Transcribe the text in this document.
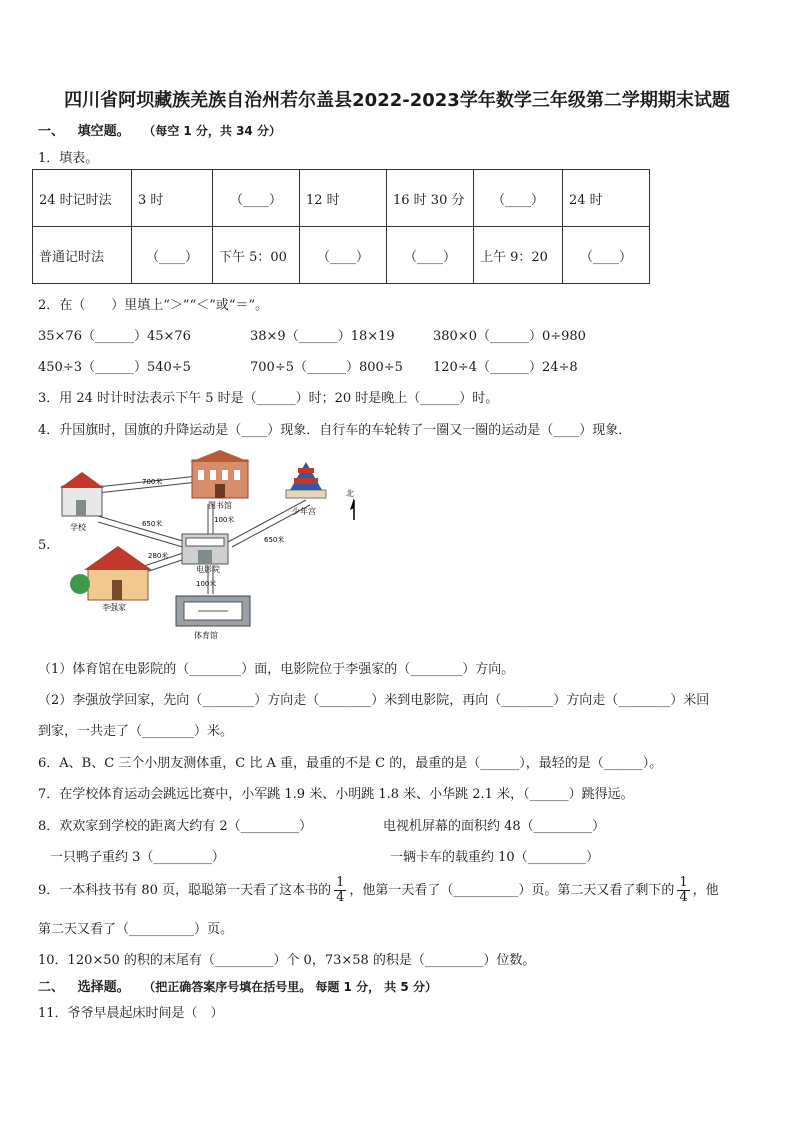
四川省阿坝藏族羌族自治州若尔盖县2022-2023学年数学三年级第二学期期末试题
一、 填空题。 （每空 1 分，共 34 分）
1．填表。
24 时记时法	3 时	（____）	12 时	16 时 30 分	（____）	24 时
普通记时法	（____）	下午 5：00	（____）	（____）	上午 9：20	（____）
2．在（　　）里填上“＞”“＜”或“＝”。
35×76（______）45×76	38×9（______）18×19	380×0（______）0÷980
450÷3（______）540÷5	700÷5（______）800÷5 120÷4（______）24÷8
3．用 24 时计时法表示下午 5 时是（______）时；20 时是晚上（______）时。
4．升国旗时，国旗的升降运动是（____）现象．自行车的车轮转了一圈又一圈的运动是（____）现象．
5.
学校
图书馆
少年宫
北
电影院
李强家
体育馆
700米
650米	100米
650米
280米
100米
（1）体育馆在电影院的（________）面，电影院位于李强家的（________）方向。
（2）李强放学回家，先向（________）方向走（________）米到电影院，再向（________）方向走（________）米回
到家，一共走了（________）米。
6．A、B、C 三个小朋友测体重，C 比 A 重，最重的不是 C 的，最重的是（______），最轻的是（______）。
7．在学校体育运动会跳远比赛中，小军跳 1.9 米、小明跳 1.8 米、小华跳 2.1 米，（______）跳得远。
8．欢欢家到学校的距离大约有 2（_________）	电视机屏幕的面积约 48（_________）
一只鸭子重约 3（_________）	一辆卡车的载重约 10（_________）
9．一本科技书有 80 页，聪聪第一天看了这本书的 $\frac{1}{4}$ ，他第一天看了（__________）页。第二天又看了剩下的 $\frac{1}{4}$ ，他
第二天又看了（__________）页。
10．120×50 的积的末尾有（_________）个 0，73×58 的积是（_________）位数。
二、 选择题。 （把正确答案序号填在括号里。 每题 1 分， 共 5 分）
11．爷爷早晨起床时间是（　）
